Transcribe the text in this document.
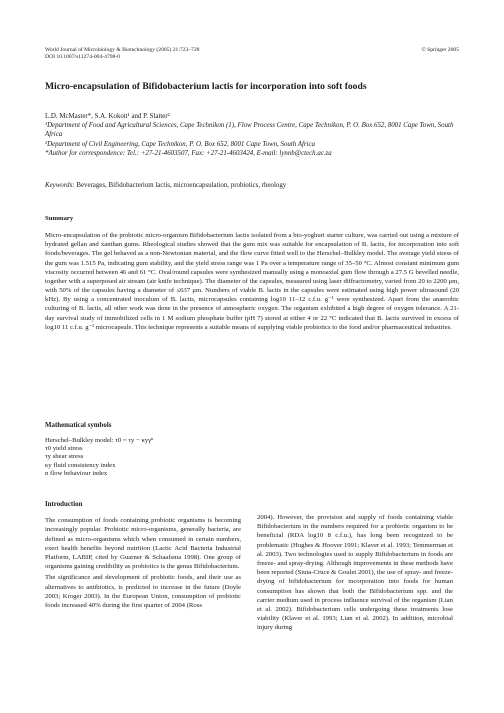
World Journal of Microbiology & Biotechnology (2005) 21:723–728
DOI 10.1007/s11274-004-4798-0
© Springer 2005
Micro-encapsulation of Bifidobacterium lactis for incorporation into soft foods
L.D. McMaster*, S.A. Kokott¹ and P. Slatter²
¹Department of Food and Agricultural Sciences, Cape Technikon (1), Flow Process Centre, Cape Technikon, P. O. Box 652, 8001 Cape Town, South Africa
²Department of Civil Engineering, Cape Technikon, P. O. Box 652, 8001 Cape Town, South Africa
*Author for correspondence: Tel.: +27-21-4603507, Fax: +27-21-4603424, E-mail: lynnb@ctech.ac.za
Keywords: Beverages, Bifidobacterium lactis, microencapsulation, probiotics, rheology

Summary

Micro-encapsulation of the probiotic micro-organism Bifidobacterium lactis isolated from a bio-yoghurt starter culture, was carried out using a mixture of hydrated gellan and xanthan gums. Rheological studies showed that the gum mix was suitable for encapsulation of B. lactis, for incorporation into soft foods/beverages. The gel behaved as a non-Newtonian material, and the flow curve fitted well to the Herschel–Bulkley model. The average yield stress of the gum was 1.515 Pa, indicating gum stability, and the yield stress range was 1 Pa over a temperature range of 35–50 °C. Almost constant minimum gum viscosity occurred between 46 and 61 °C. Oval/round capsules were synthesized manually using a monoaxial gum flow through a 27.5 G bevelled needle, together with a superposed air stream (air knife technique). The diameter of the capsules, measured using laser diffractometry, varied from 20 to 2200 μm, with 50% of the capsules having a diameter of ≤637 μm. Numbers of viable B. lactis in the capsules were estimated using high power ultrasound (20 kHz). By using a concentrated inoculum of B. lactis, microcapsules containing log10 11–12 c.f.u. g⁻¹ were synthesized. Apart from the anaerobic culturing of B. lactis, all other work was done in the presence of atmospheric oxygen. The organism exhibited a high degree of oxygen tolerance. A 21-day survival study of immobilized cells in 1 M sodium phosphate buffer (pH 7) stored at either 4 or 22 °C indicated that B. lactis survived in excess of log10 11 c.f.u. g⁻¹ microcapsule. This technique represents a suitable means of supplying viable probiotics to the food and/or pharmaceutical industries.

Mathematical symbols
Herschel–Bulkley model: τ0 = τy − κyγⁿ
τ0 yield stress
τy shear stress
κy fluid consistency index
n flow behaviour index

Introduction

The consumption of foods containing probiotic organisms is becoming increasingly popular. Probiotic micro-organisms, generally bacteria, are defined as micro-organisms which when consumed in certain numbers, exert health benefits beyond nutrition (Lactic Acid Bacteria Industrial Platform, LABIP, cited by Guarner & Schaafsma 1998). One group of organisms gaining credibility as probiotics is the genus Bifidobacterium.

The significance and development of probiotic foods, and their use as alternatives to antibiotics, is predicted to increase in the future (Doyle 2003; Kroger 2003). In the European Union, consumption of probiotic foods increased 40% during the first quarter of 2004 (Ross

2004). However, the provision and supply of foods containing viable Bifidobacterium in the numbers required for a probiotic organism to be beneficial (RDA log10 8 c.f.u.), has long been recognized to be problematic (Hughes & Hoover 1991; Klaver et al. 1993; Temmerman et al. 2003). Two technologies used to supply Bifidobacterium in foods are freeze- and spray-drying. Although improvements in these methods have been reported (Siuta-Cruce & Goulet 2001), the use of spray- and freeze-drying of bifidobacterium for incorporation into foods for human consumption has shown that both the Bifidobacterium spp. and the carrier medium used in process influence survival of the organism (Lian et al. 2002). Bifidobacterium cells undergoing these treatments lose viability (Klaver et al. 1993; Lian et al. 2002). In addition, microbial injury during
